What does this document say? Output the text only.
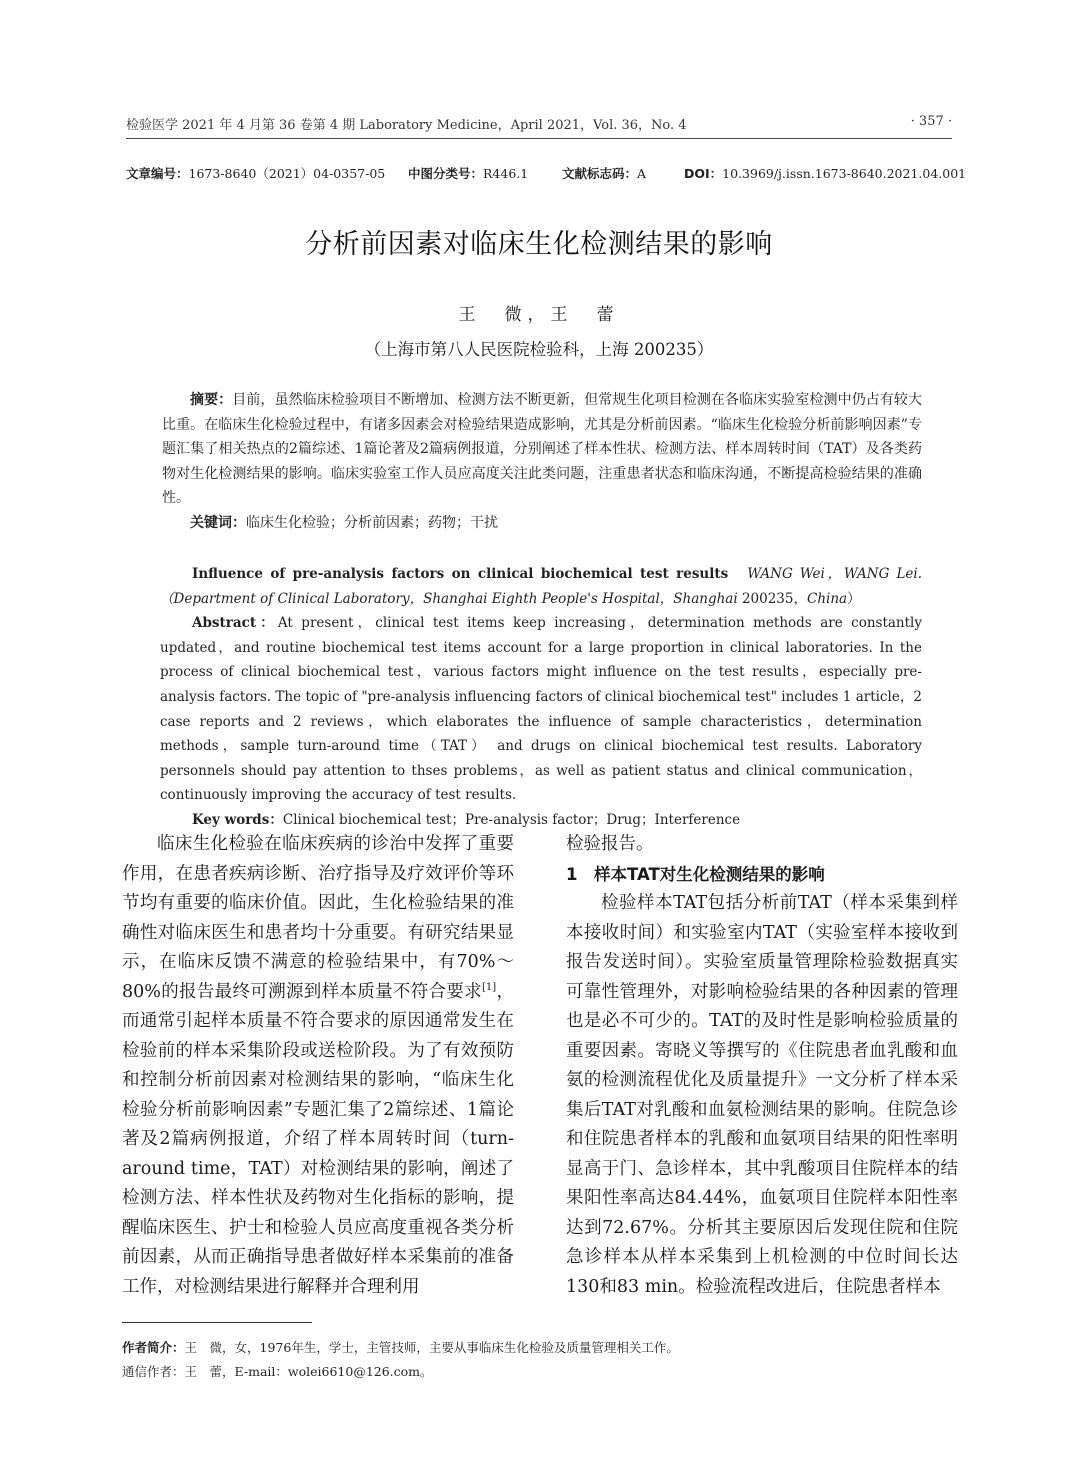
检验医学 2021 年 4 月第 36 卷第 4 期 Laboratory Medicine，April 2021，Vol. 36，No. 4	· 357 ·
文章编号：1673-8640（2021）04-0357-05 中图分类号：R446.1	文献标志码：A	DOI：10.3969/j.issn.1673-8640.2021.04.001
分析前因素对临床生化检测结果的影响
王　微，王　蕾
（上海市第八人民医院检验科，上海 200235）

摘要：目前，虽然临床检验项目不断增加、检测方法不断更新，但常规生化项目检测在各临床实验室检测中仍占有较大比重。在临床生化检验过程中，有诸多因素会对检验结果造成影响，尤其是分析前因素。“临床生化检验分析前影响因素”专题汇集了相关热点的2篇综述、1篇论著及2篇病例报道，分别阐述了样本性状、检测方法、样本周转时间（TAT）及各类药物对生化检测结果的影响。临床实验室工作人员应高度关注此类问题，注重患者状态和临床沟通，不断提高检验结果的准确性。

关键词：临床生化检验；分析前因素；药物；干扰

Influence of pre-analysis factors on clinical biochemical test results　 WANG Wei，WANG Lei.（Department of Clinical Laboratory，Shanghai Eighth People's Hospital，Shanghai 200235，China）

Abstract：At present，clinical test items keep increasing，determination methods are constantly updated，and routine biochemical test items account for a large proportion in clinical laboratories. In the process of clinical biochemical test，various factors might influence on the test results，especially pre-analysis factors. The topic of "pre-analysis influencing factors of clinical biochemical test" includes 1 article，2 case reports and 2 reviews，which elaborates the influence of sample characteristics，determination methods，sample turn-around time（TAT） and drugs on clinical biochemical test results. Laboratory personnels should pay attention to thses problems，as well as patient status and clinical communication，continuously improving the accuracy of test results.

Key words：Clinical biochemical test；Pre-analysis factor；Drug；Interference

临床生化检验在临床疾病的诊治中发挥了重要作用，在患者疾病诊断、治疗指导及疗效评价等环节均有重要的临床价值。因此，生化检验结果的准确性对临床医生和患者均十分重要。有研究结果显示，在临床反馈不满意的检验结果中，有70%～80%的报告最终可溯源到样本质量不符合要求[1]，而通常引起样本质量不符合要求的原因通常发生在检验前的样本采集阶段或送检阶段。为了有效预防和控制分析前因素对检测结果的影响，“临床生化检验分析前影响因素”专题汇集了2篇综述、1篇论著及2篇病例报道，介绍了样本周转时间（turn-around time，TAT）对检测结果的影响，阐述了检测方法、样本性状及药物对生化指标的影响，提醒临床医生、护士和检验人员应高度重视各类分析前因素，从而正确指导患者做好样本采集前的准备工作，对检测结果进行解释并合理利用

检验报告。

1　样本TAT对生化检测结果的影响

检验样本TAT包括分析前TAT（样本采集到样本接收时间）和实验室内TAT（实验室样本接收到报告发送时间）。实验室质量管理除检验数据真实可靠性管理外，对影响检验结果的各种因素的管理也是必不可少的。TAT的及时性是影响检验质量的重要因素。寄晓义等撰写的《住院患者血乳酸和血氨的检测流程优化及质量提升》一文分析了样本采集后TAT对乳酸和血氨检测结果的影响。住院急诊和住院患者样本的乳酸和血氨项目结果的阳性率明显高于门、急诊样本，其中乳酸项目住院样本的结果阳性率高达84.44%，血氨项目住院样本阳性率达到72.67%。分析其主要原因后发现住院和住院急诊样本从样本采集到上机检测的中位时间长达130和83 min。检验流程改进后，住院患者样本

作者简介：王　微，女，1976年生，学士，主管技师，主要从事临床生化检验及质量管理相关工作。
通信作者：王　蕾，E-mail：wolei6610@126.com。
